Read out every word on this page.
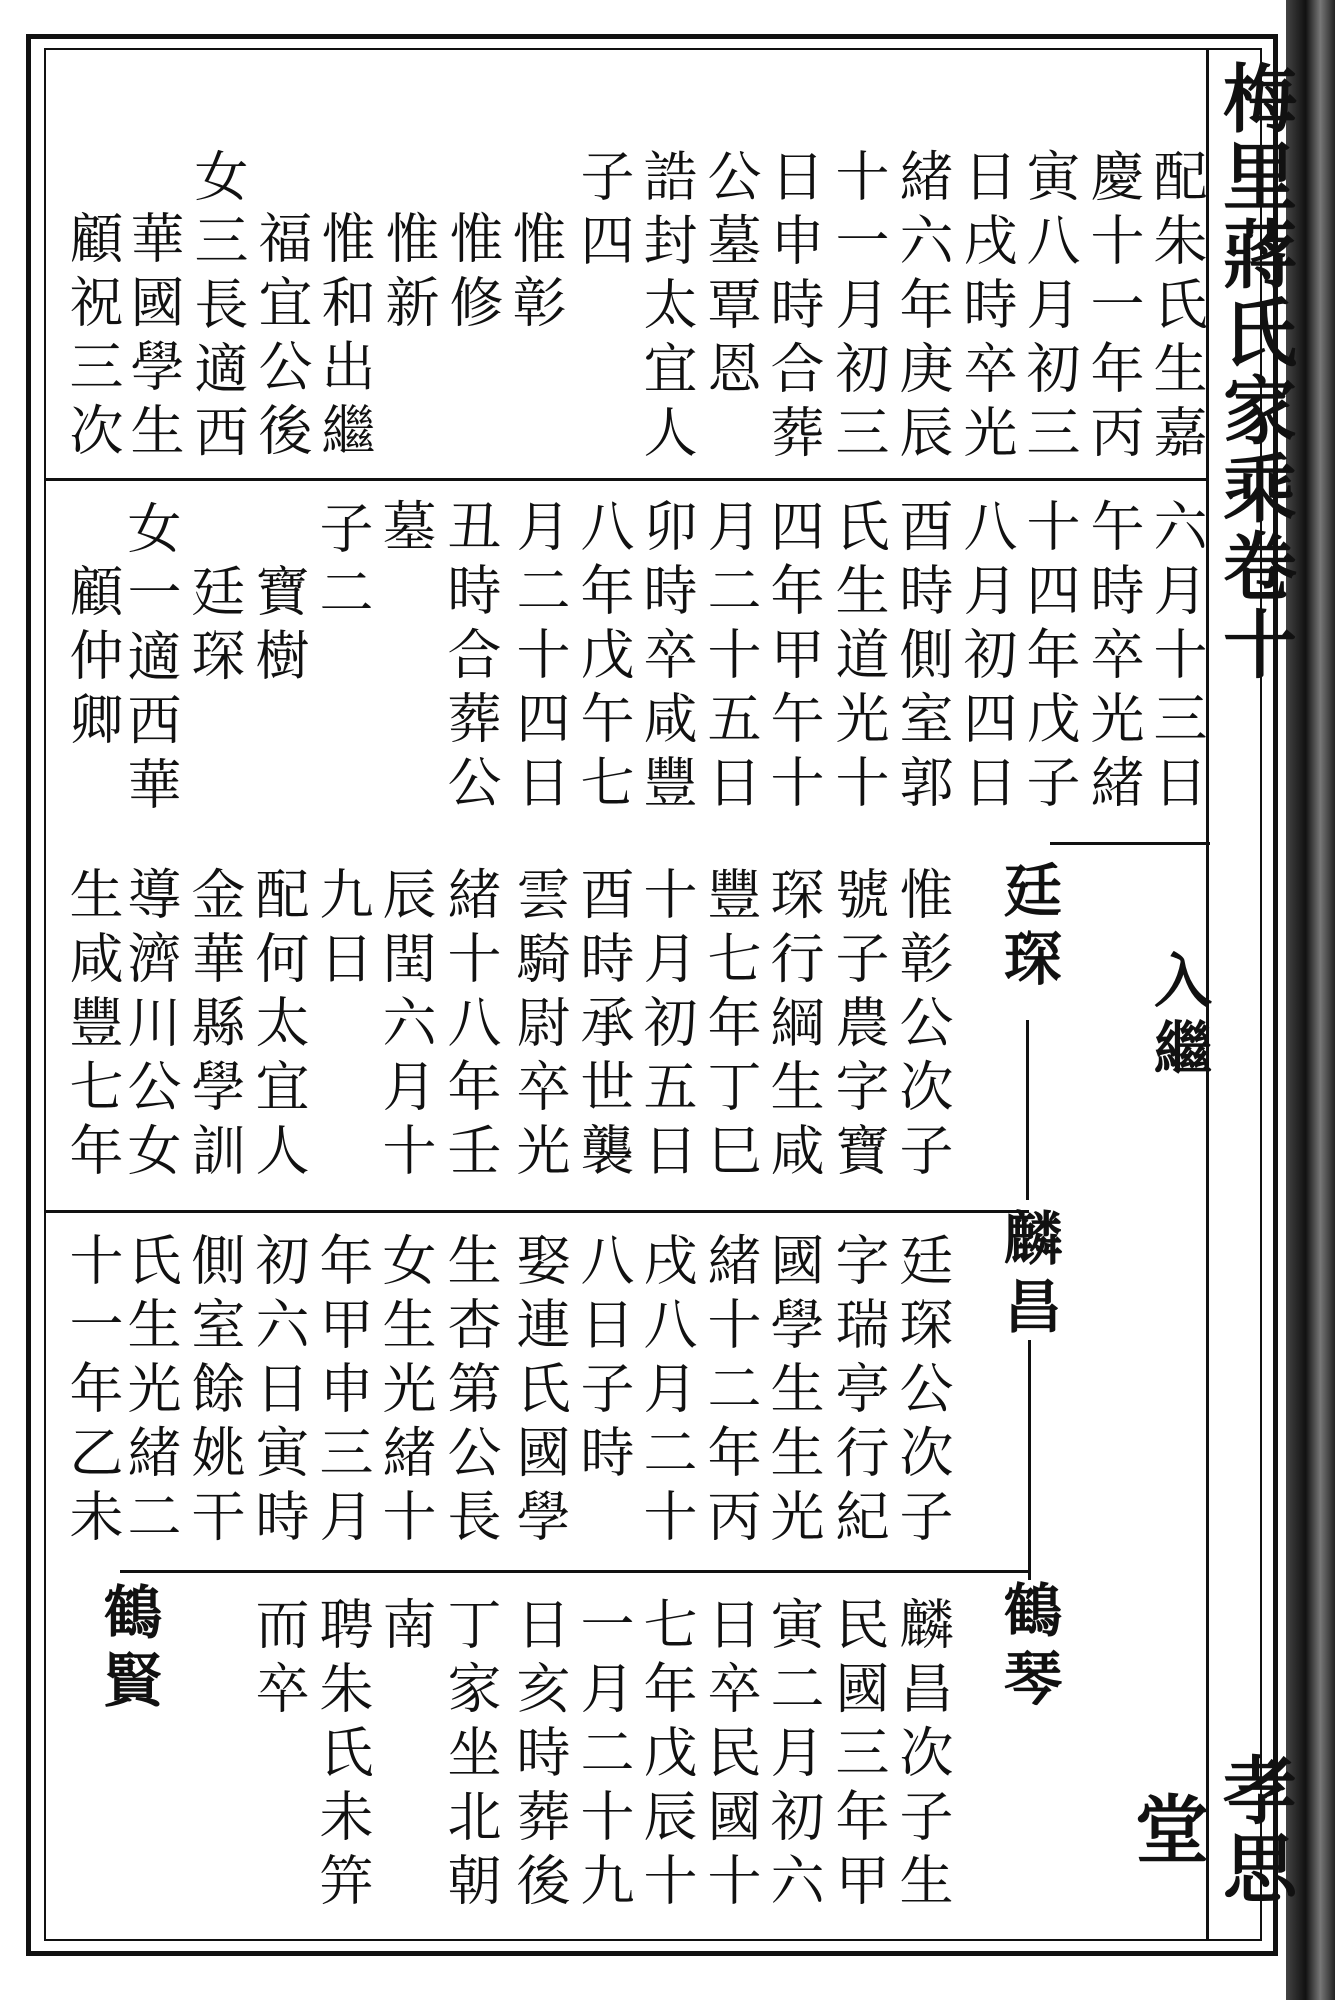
梅里蔣氏家乘卷十
孝思堂
入繼
廷琛
麟昌
鶴琴
鶴賢
配朱氏生嘉
慶十一年丙
寅八月初三
日戌時卒光
緒六年庚辰
十一月初三
日申時合葬
公墓覃恩
誥封太宜人
子四
惟彰
惟修
惟新
惟和出繼
福宜公後
女三長適西
華國學生
顧祝三次
六月十三日
午時卒光緒
十四年戊子
八月初四日
酉時側室郭
氏生道光十
四年甲午十
月二十五日
卯時卒咸豐
八年戊午七
月二十四日
丑時合葬公
墓
子二
寶樹
廷琛
女一適西華
顧仲卿
惟彰公次子
號子農字寶
琛行綱生咸
豐七年丁巳
十月初五日
酉時承世襲
雲騎尉卒光
緒十八年壬
辰閏六月十
九日
配何太宜人
金華縣學訓
導濟川公女
生咸豐七年
廷琛公次子
字瑞亭行紀
國學生生光
緒十二年丙
戌八月二十
八日子時
娶連氏國學
生杏第公長
女生光緒十
年甲申三月
初六日寅時
側室餘姚干
氏生光緒二
十一年乙未
麟昌次子生
民國三年甲
寅二月初六
日卒民國十
七年戊辰十
一月二十九
日亥時葬後
丁家坐北朝
南
聘朱氏未笄
而卒
